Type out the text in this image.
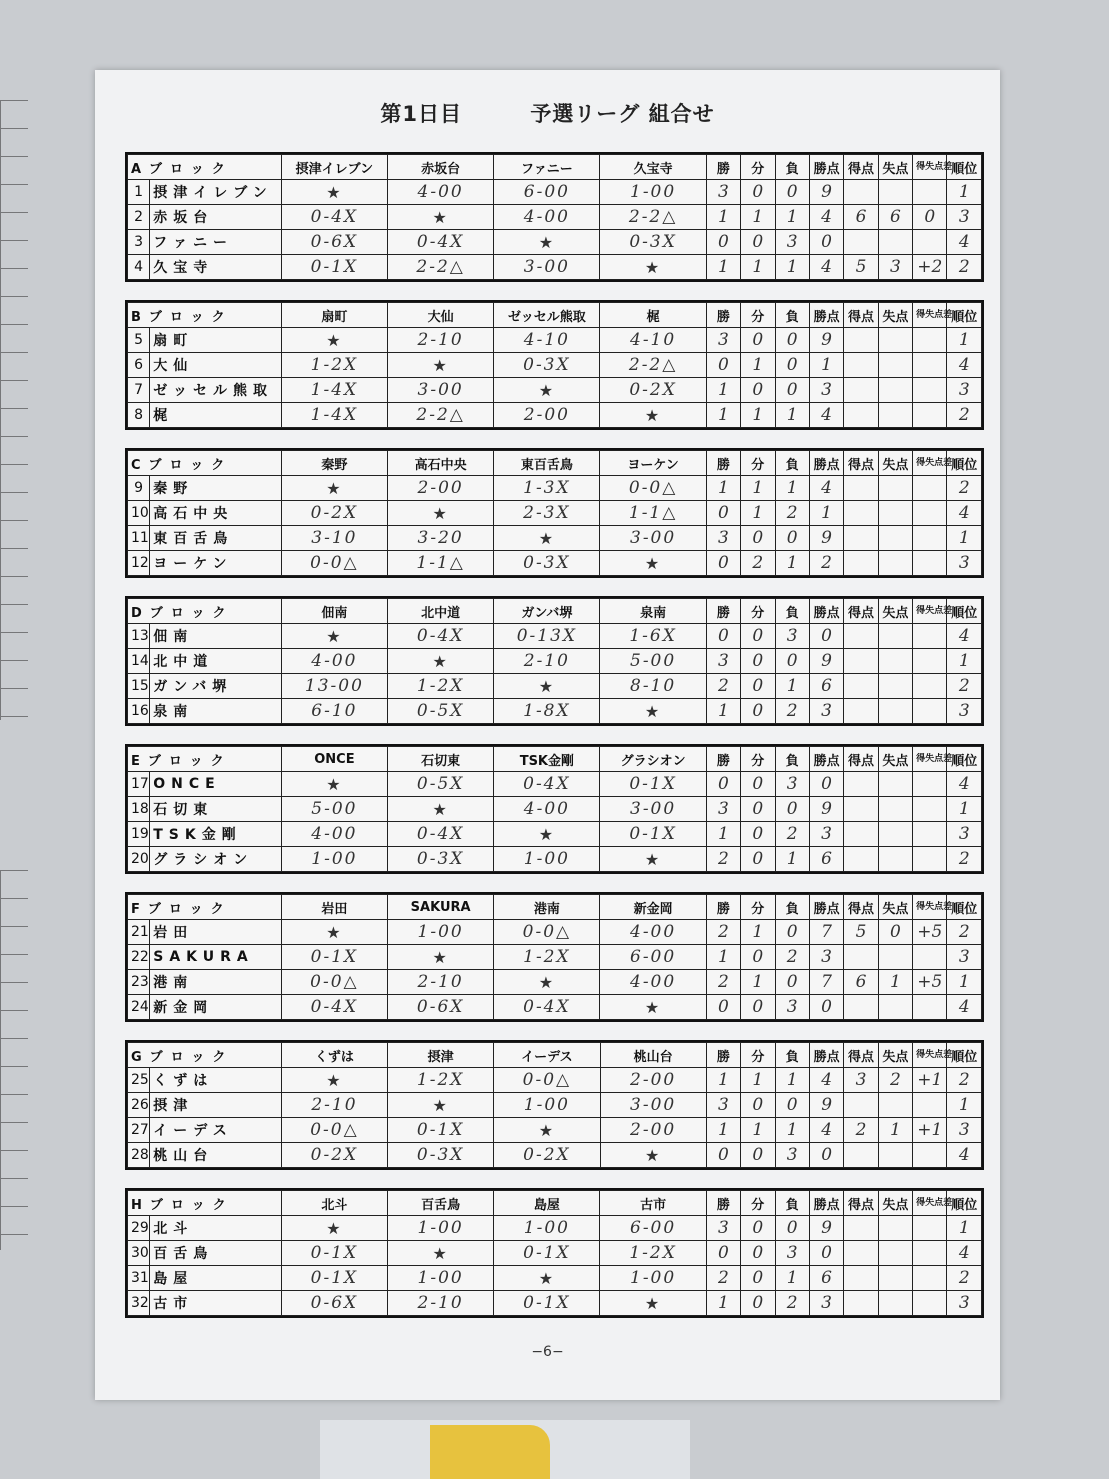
第1日目	予選リーグ 組合せ
Aブロック		摂津イレブン	赤坂台	ファニー	久宝寺	勝	分	負	勝点	得点	失点	得失点差	順位
1	摂津イレブン	★	4-00	6-00	1-00	3	0	0	9				1
2	赤坂台	0-4X	★	4-00	2-2△	1	1	1	4	6	6	0	3
3	ファニー	0-6X	0-4X	★	0-3X	0	0	3	0				4
4	久宝寺	0-1X	2-2△	3-00	★	1	1	1	4	5	3	+2	2
Bブロック		扇町	大仙	ゼッセル熊取	梶	勝	分	負	勝点	得点	失点	得失点差	順位
5	扇町	★	2-10	4-10	4-10	3	0	0	9				1
6	大仙	1-2X	★	0-3X	2-2△	0	1	0	1				4
7	ゼッセル熊取	1-4X	3-00	★	0-2X	1	0	0	3				3
8	梶	1-4X	2-2△	2-00	★	1	1	1	4				2
Cブロック		秦野	高石中央	東百舌鳥	ヨーケン	勝	分	負	勝点	得点	失点	得失点差	順位
9	秦野	★	2-00	1-3X	0-0△	1	1	1	4				2
10	高石中央	0-2X	★	2-3X	1-1△	0	1	2	1				4
11	東百舌鳥	3-10	3-20	★	3-00	3	0	0	9				1
12	ヨーケン	0-0△	1-1△	0-3X	★	0	2	1	2				3
Dブロック		佃南	北中道	ガンバ堺	泉南	勝	分	負	勝点	得点	失点	得失点差	順位
13	佃南	★	0-4X	0-13X	1-6X	0	0	3	0				4
14	北中道	4-00	★	2-10	5-00	3	0	0	9				1
15	ガンバ堺	13-00	1-2X	★	8-10	2	0	1	6				2
16	泉南	6-10	0-5X	1-8X	★	1	0	2	3				3
Eブロック		ONCE	石切東	TSK金剛	グラシオン	勝	分	負	勝点	得点	失点	得失点差	順位
17	ONCE	★	0-5X	0-4X	0-1X	0	0	3	0				4
18	石切東	5-00	★	4-00	3-00	3	0	0	9				1
19	TSK金剛	4-00	0-4X	★	0-1X	1	0	2	3				3
20	グラシオン	1-00	0-3X	1-00	★	2	0	1	6				2
Fブロック		岩田	SAKURA	港南	新金岡	勝	分	負	勝点	得点	失点	得失点差	順位
21	岩田	★	1-00	0-0△	4-00	2	1	0	7	5	0	+5	2
22	SAKURA	0-1X	★	1-2X	6-00	1	0	2	3				3
23	港南	0-0△	2-10	★	4-00	2	1	0	7	6	1	+5	1
24	新金岡	0-4X	0-6X	0-4X	★	0	0	3	0				4
Gブロック		くずは	摂津	イーデス	桃山台	勝	分	負	勝点	得点	失点	得失点差	順位
25	くずは	★	1-2X	0-0△	2-00	1	1	1	4	3	2	+1	2
26	摂津	2-10	★	1-00	3-00	3	0	0	9				1
27	イーデス	0-0△	0-1X	★	2-00	1	1	1	4	2	1	+1	3
28	桃山台	0-2X	0-3X	0-2X	★	0	0	3	0				4
Hブロック		北斗	百舌鳥	島屋	古市	勝	分	負	勝点	得点	失点	得失点差	順位
29	北斗	★	1-00	1-00	6-00	3	0	0	9				1
30	百舌鳥	0-1X	★	0-1X	1-2X	0	0	3	0				4
31	島屋	0-1X	1-00	★	1-00	2	0	1	6				2
32	古市	0-6X	2-10	0-1X	★	1	0	2	3				3
−6−
